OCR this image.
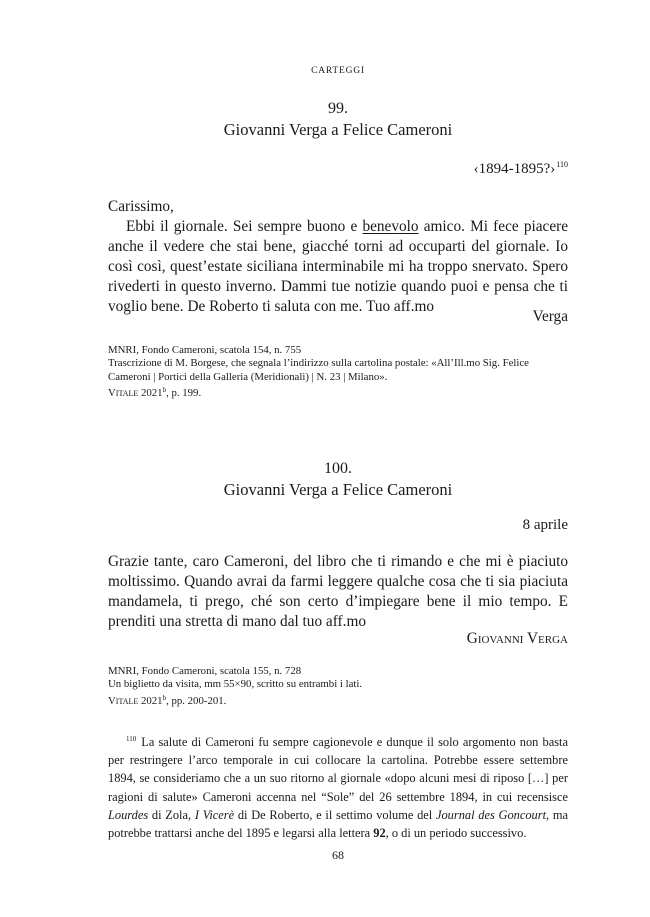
CARTEGGI
99.
Giovanni Verga a Felice Cameroni
‹1894-1895?›$^{110}$

Carissimo,

Ebbi il giornale. Sei sempre buono e benevolo amico. Mi fece piacere anche il vedere che stai bene, giacché torni ad occuparti del giornale. Io così così, quest’estate siciliana interminabile mi ha troppo snervato. Spero rivederti in questo inverno. Dammi tue notizie quando puoi e pensa che ti voglio bene. De Roberto ti saluta con me. Tuo aff.mo

Verga
MNRI, Fondo Cameroni, scatola 154, n. 755
Trascrizione di M. Borgese, che segnala l’indirizzo sulla cartolina postale: «All’Ill.mo Sig. Felice Cameroni | Portici della Galleria (Meridionali) | N. 23 | Milano».
Vitale 2021$^b$, p. 199.
100.
Giovanni Verga a Felice Cameroni
8 aprile

Grazie tante, caro Cameroni, del libro che ti rimando e che mi è piaciuto moltissimo. Quando avrai da farmi leggere qualche cosa che ti sia piaciuta mandamela, ti prego, ché son certo d’impiegare bene il mio tempo. E prenditi una stretta di mano dal tuo aff.mo

Giovanni Verga
MNRI, Fondo Cameroni, scatola 155, n. 728
Un biglietto da visita, mm 55×90, scritto su entrambi i lati.
Vitale 2021$^b$, pp. 200-201.
$^{110}$ La salute di Cameroni fu sempre cagionevole e dunque il solo argomento non basta per restringere l’arco temporale in cui collocare la cartolina. Potrebbe essere settembre 1894, se consideriamo che a un suo ritorno al giornale «dopo alcuni mesi di riposo […] per ragioni di salute» Cameroni accenna nel “Sole” del 26 settembre 1894, in cui recensisce Lourdes di Zola, I Vicerè di De Roberto, e il settimo volume del Journal des Goncourt, ma potrebbe trattarsi anche del 1895 e legarsi alla lettera 92, o di un periodo successivo.
68
